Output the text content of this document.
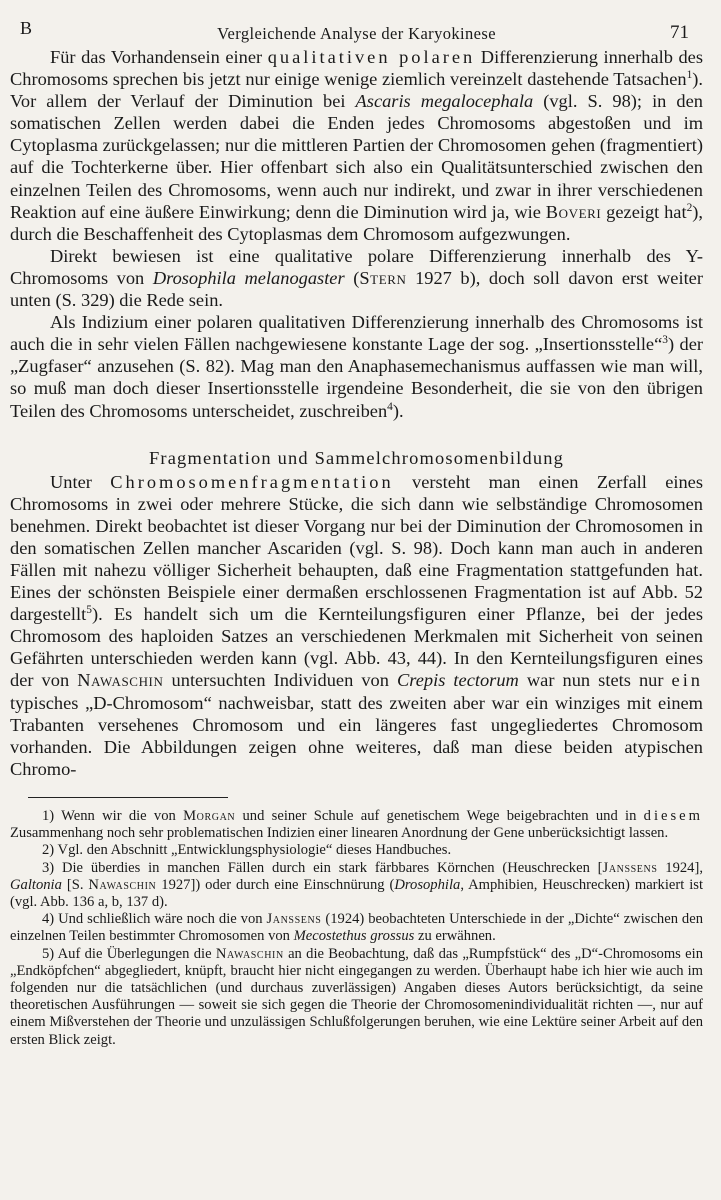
B	Vergleichende Analyse der Karyokinese	71

Für das Vorhandensein einer qualitativen polaren Differenzierung innerhalb des Chromosoms sprechen bis jetzt nur einige wenige ziemlich vereinzelt dastehende Tatsachen$^1$). Vor allem der Verlauf der Diminution bei Ascaris megalocephala (vgl. S. 98); in den somatischen Zellen werden dabei die Enden jedes Chromosoms abgestoßen und im Cytoplasma zurückgelassen; nur die mittleren Partien der Chromosomen gehen (fragmentiert) auf die Tochterkerne über. Hier offenbart sich also ein Qualitätsunterschied zwischen den einzelnen Teilen des Chromosoms, wenn auch nur indirekt, und zwar in ihrer verschiedenen Reaktion auf eine äußere Einwirkung; denn die Diminution wird ja, wie Boveri gezeigt hat$^2$), durch die Beschaffenheit des Cytoplasmas dem Chromosom aufgezwungen.

Direkt bewiesen ist eine qualitative polare Differenzierung innerhalb des Y-Chromosoms von Drosophila melanogaster (Stern 1927 b), doch soll davon erst weiter unten (S. 329) die Rede sein.

Als Indizium einer polaren qualitativen Differenzierung innerhalb des Chromosoms ist auch die in sehr vielen Fällen nachgewiesene konstante Lage der sog. „Insertionsstelle“$^3$) der „Zugfaser“ anzusehen (S. 82). Mag man den Anaphasemechanismus auffassen wie man will, so muß man doch dieser Insertionsstelle irgendeine Besonderheit, die sie von den übrigen Teilen des Chromosoms unterscheidet, zuschreiben$^4$).

Fragmentation und Sammelchromosomenbildung

Unter Chromosomenfragmentation versteht man einen Zerfall eines Chromosoms in zwei oder mehrere Stücke, die sich dann wie selbständige Chromosomen benehmen. Direkt beobachtet ist dieser Vorgang nur bei der Diminution der Chromosomen in den somatischen Zellen mancher Ascariden (vgl. S. 98). Doch kann man auch in anderen Fällen mit nahezu völliger Sicherheit behaupten, daß eine Fragmentation stattgefunden hat. Eines der schönsten Beispiele einer dermaßen erschlossenen Fragmentation ist auf Abb. 52 dargestellt$^5$). Es handelt sich um die Kernteilungsfiguren einer Pflanze, bei der jedes Chromosom des haploiden Satzes an verschiedenen Merkmalen mit Sicherheit von seinen Gefährten unterschieden werden kann (vgl. Abb. 43, 44). In den Kernteilungsfiguren eines der von Nawaschin untersuchten Individuen von Crepis tectorum war nun stets nur ein typisches „D-Chromosom“ nachweisbar, statt des zweiten aber war ein winziges mit einem Trabanten versehenes Chromosom und ein längeres fast ungegliedertes Chromosom vorhanden. Die Abbildungen zeigen ohne weiteres, daß man diese beiden atypischen Chromo-

1) Wenn wir die von Morgan und seiner Schule auf genetischem Wege beigebrachten und in diesem Zusammenhang noch sehr problematischen Indizien einer linearen Anordnung der Gene unberücksichtigt lassen.

2) Vgl. den Abschnitt „Entwicklungsphysiologie“ dieses Handbuches.

3) Die überdies in manchen Fällen durch ein stark färbbares Körnchen (Heuschrecken [Janssens 1924], Galtonia [S. Nawaschin 1927]) oder durch eine Einschnürung (Drosophila, Amphibien, Heuschrecken) markiert ist (vgl. Abb. 136 a, b, 137 d).

4) Und schließlich wäre noch die von Janssens (1924) beobachteten Unterschiede in der „Dichte“ zwischen den einzelnen Teilen bestimmter Chromosomen von Mecostethus grossus zu erwähnen.

5) Auf die Überlegungen die Nawaschin an die Beobachtung, daß das „Rumpfstück“ des „D“-Chromosoms ein „Endköpfchen“ abgegliedert, knüpft, braucht hier nicht eingegangen zu werden. Überhaupt habe ich hier wie auch im folgenden nur die tatsächlichen (und durchaus zuverlässigen) Angaben dieses Autors berücksichtigt, da seine theoretischen Ausführungen — soweit sie sich gegen die Theorie der Chromosomenindividualität richten —, nur auf einem Mißverstehen der Theorie und unzulässigen Schlußfolgerungen beruhen, wie eine Lektüre seiner Arbeit auf den ersten Blick zeigt.
